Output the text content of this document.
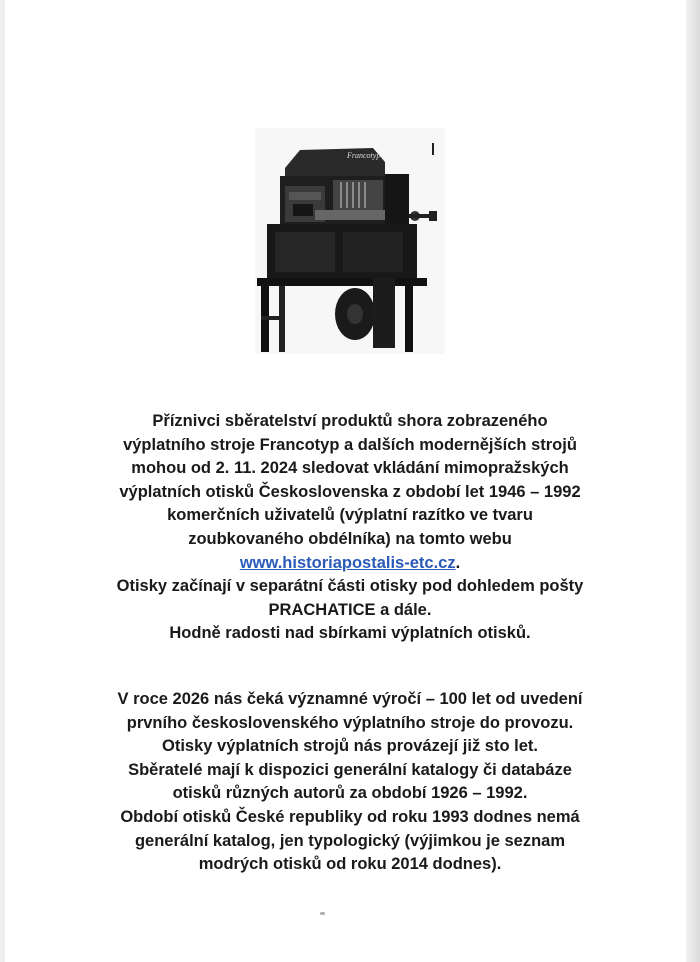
Francotyp
Příznivci sběratelství produktů shora zobrazeného
výplatního stroje Francotyp a dalších modernějších strojů
mohou od 2. 11. 2024 sledovat vkládání mimopražských
výplatních otisků Československa z období let 1946 – 1992
komerčních uživatelů (výplatní razítko ve tvaru
zoubkovaného obdélníka) na tomto webu
www.historiapostalis-etc.cz.
Otisky začínají v separátní části otisky pod dohledem pošty
PRACHATICE a dále.
Hodně radosti nad sbírkami výplatních otisků.
V roce 2026 nás čeká významné výročí – 100 let od uvedení
prvního československého výplatního stroje do provozu.
Otisky výplatních strojů nás provázejí již sto let.
Sběratelé mají k dispozici generální katalogy či databáze
otisků různých autorů za období 1926 – 1992.
Období otisků České republiky od roku 1993 dodnes nemá
generální katalog, jen typologický (výjimkou je seznam
modrých otisků od roku 2014 dodnes).
